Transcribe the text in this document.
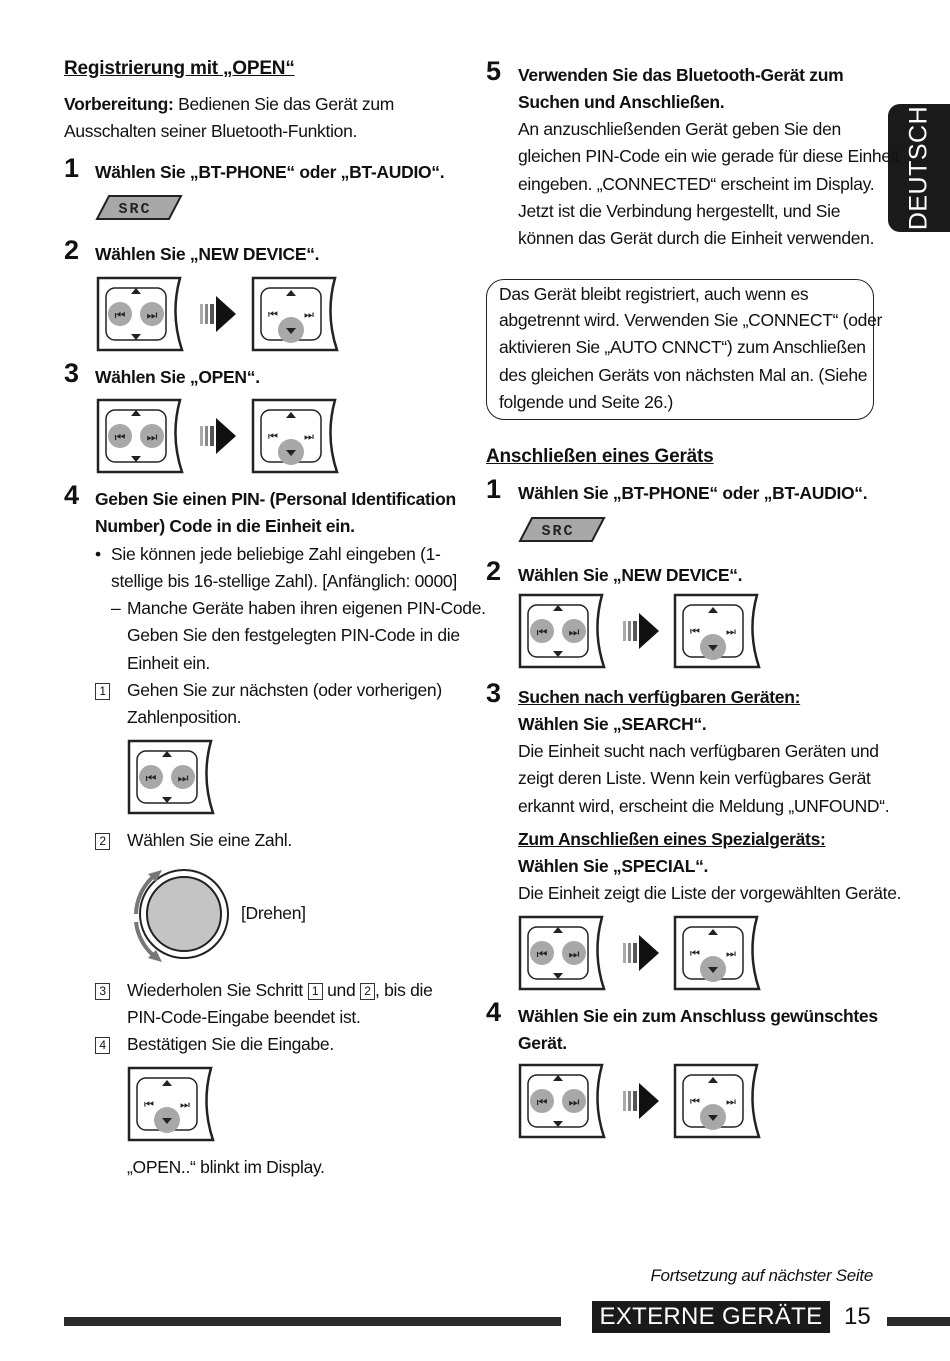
DEUTSCH
Registrierung mit „OPEN“
Vorbereitung: Bedienen Sie das Gerät zum
Ausschalten seiner Bluetooth-Funktion.
1 Wählen Sie „BT-PHONE“ oder „BT-AUDIO“.
SRC
2 Wählen Sie „NEW DEVICE“.
⏮ ⏭	⏮ ⏭
3 Wählen Sie „OPEN“.
⏮ ⏭	⏮ ⏭
4 Geben Sie einen PIN- (Personal Identification
Number) Code in die Einheit ein.
• Sie können jede beliebige Zahl eingeben (1-
stellige bis 16-stellige Zahl). [Anfänglich: 0000]
– Manche Geräte haben ihren eigenen PIN-Code.
Geben Sie den festgelegten PIN-Code in die
Einheit ein.
1 Gehen Sie zur nächsten (oder vorherigen)
Zahlenposition.
⏮ ⏭
2 Wählen Sie eine Zahl.
[Drehen]
3 Wiederholen Sie Schritt 1 und 2 , bis die
PIN-Code-Eingabe beendet ist.
4 Bestätigen Sie die Eingabe.
⏮ ⏭
„OPEN..“ blinkt im Display.
5 Verwenden Sie das Bluetooth-Gerät zum
Suchen und Anschließen.
An anzuschließenden Gerät geben Sie den
gleichen PIN-Code ein wie gerade für diese Einheit
eingeben. „CONNECTED“ erscheint im Display.
Jetzt ist die Verbindung hergestellt, und Sie
können das Gerät durch die Einheit verwenden.
Das Gerät bleibt registriert, auch wenn es
abgetrennt wird. Verwenden Sie „CONNECT“ (oder
aktivieren Sie „AUTO CNNCT“) zum Anschließen
des gleichen Geräts von nächsten Mal an. (Siehe
folgende und Seite 26.)
Anschließen eines Geräts
1 Wählen Sie „BT-PHONE“ oder „BT-AUDIO“.
SRC
2 Wählen Sie „NEW DEVICE“.
⏮ ⏭	⏮ ⏭
3 Suchen nach verfügbaren Geräten:
Wählen Sie „SEARCH“.
Die Einheit sucht nach verfügbaren Geräten und
zeigt deren Liste. Wenn kein verfügbares Gerät
erkannt wird, erscheint die Meldung „UNFOUND“.
Zum Anschließen eines Spezialgeräts:
Wählen Sie „SPECIAL“.
Die Einheit zeigt die Liste der vorgewählten Geräte.
⏮ ⏭	⏮ ⏭
4 Wählen Sie ein zum Anschluss gewünschtes
Gerät.
⏮ ⏭	⏮ ⏭
Fortsetzung auf nächster Seite
EXTERNE GERÄTE 15
